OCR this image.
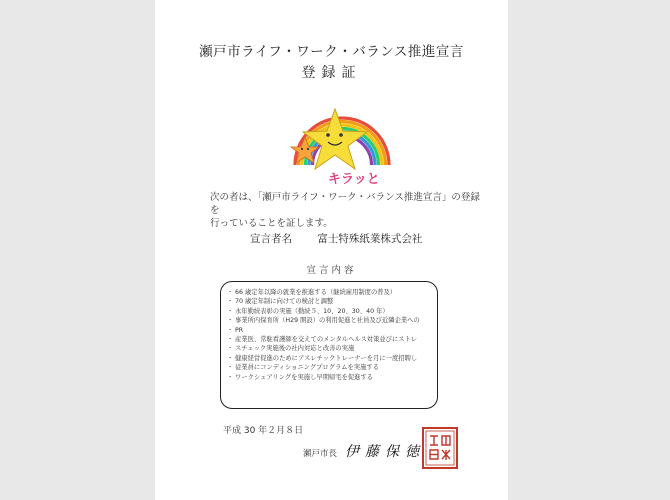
瀬戸市ライフ・ワーク・バランス推進宣言
登録証
キラッと
次の者は、「瀬戸市ライフ・ワーク・バランス推進宣言」の登録を
行っていることを証します。
宣言者名 富士特殊紙業株式会社
宣言内容
・ 66 歳定年以降の就業を推進する（継続雇用制度の普及）
・ 70 歳定年制に向けての検討と調整
・ 永年勤続表彰の実施（勤続５、10、20、30、40 年）
・ 事業所内保育所（H29 開設）の利用促進と社員及び近隣企業への
・ PR
・ 産業医、常駐看護師を交えてのメンタルヘルス対策並びにストレ
・ スチェック実施後の社内対応と改善の実施
・ 健康経営促進のためにアスレチックトレーナーを月に一度招聘し
・ 従業員にコンディショニングプログラムを実施する
・ ワークシェアリングを実施し早期帰宅を促進する
平成 30 年２月８日
瀬戸市長 伊藤保徳
